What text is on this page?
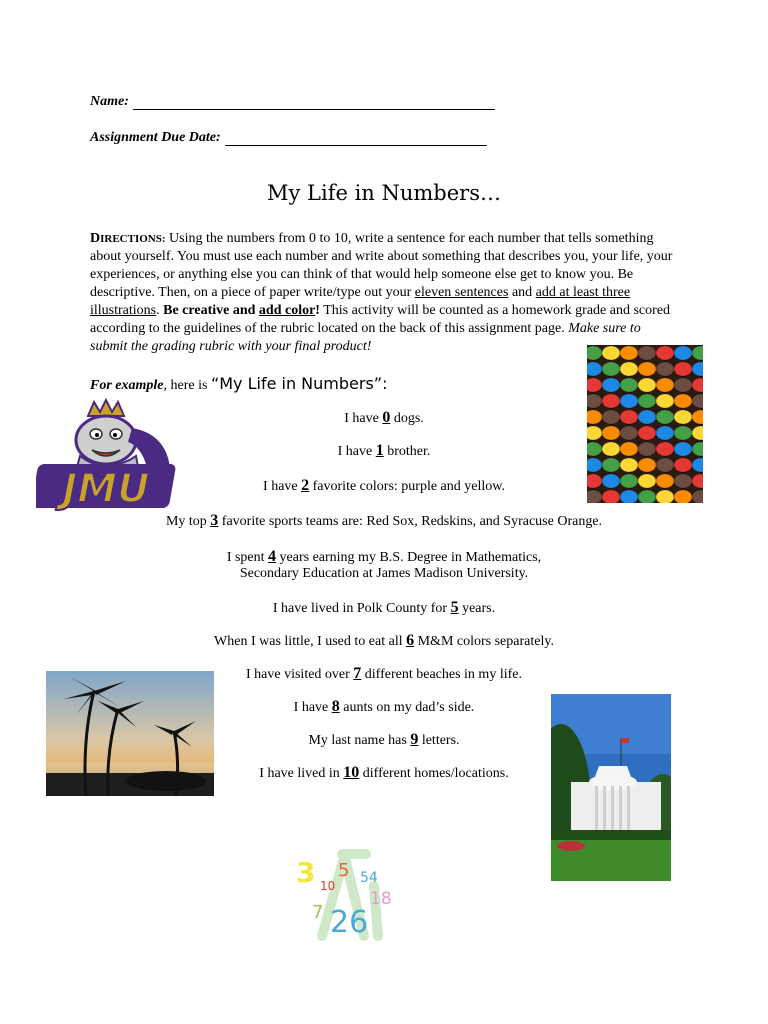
Name:
Assignment Due Date:
My Life in Numbers…
DIRECTIONS: Using the numbers from 0 to 10, write a sentence for each number that tells something about yourself. You must use each number and write about something that describes you, your life, your experiences, or anything else you can think of that would help someone else get to know you. Be descriptive. Then, on a piece of paper write/type out your eleven sentences and add at least three illustrations. Be creative and add color! This activity will be counted as a homework grade and scored according to the guidelines of the rubric located on the back of this assignment page. Make sure to submit the grading rubric with your final product!
For example, here is “My Life in Numbers”:
JMU
I have 0 dogs.
I have 1 brother.
I have 2 favorite colors: purple and yellow.
My top 3 favorite sports teams are: Red Sox, Redskins, and Syracuse Orange.
I spent 4 years earning my B.S. Degree in Mathematics,
Secondary Education at James Madison University.
I have lived in Polk County for 5 years.
When I was little, I used to eat all 6 M&M colors separately.
I have visited over 7 different beaches in my life.
I have 8 aunts on my dad’s side.
My last name has 9 letters.
I have lived in 10 different homes/locations.
3 5
10 54
18
7 26
